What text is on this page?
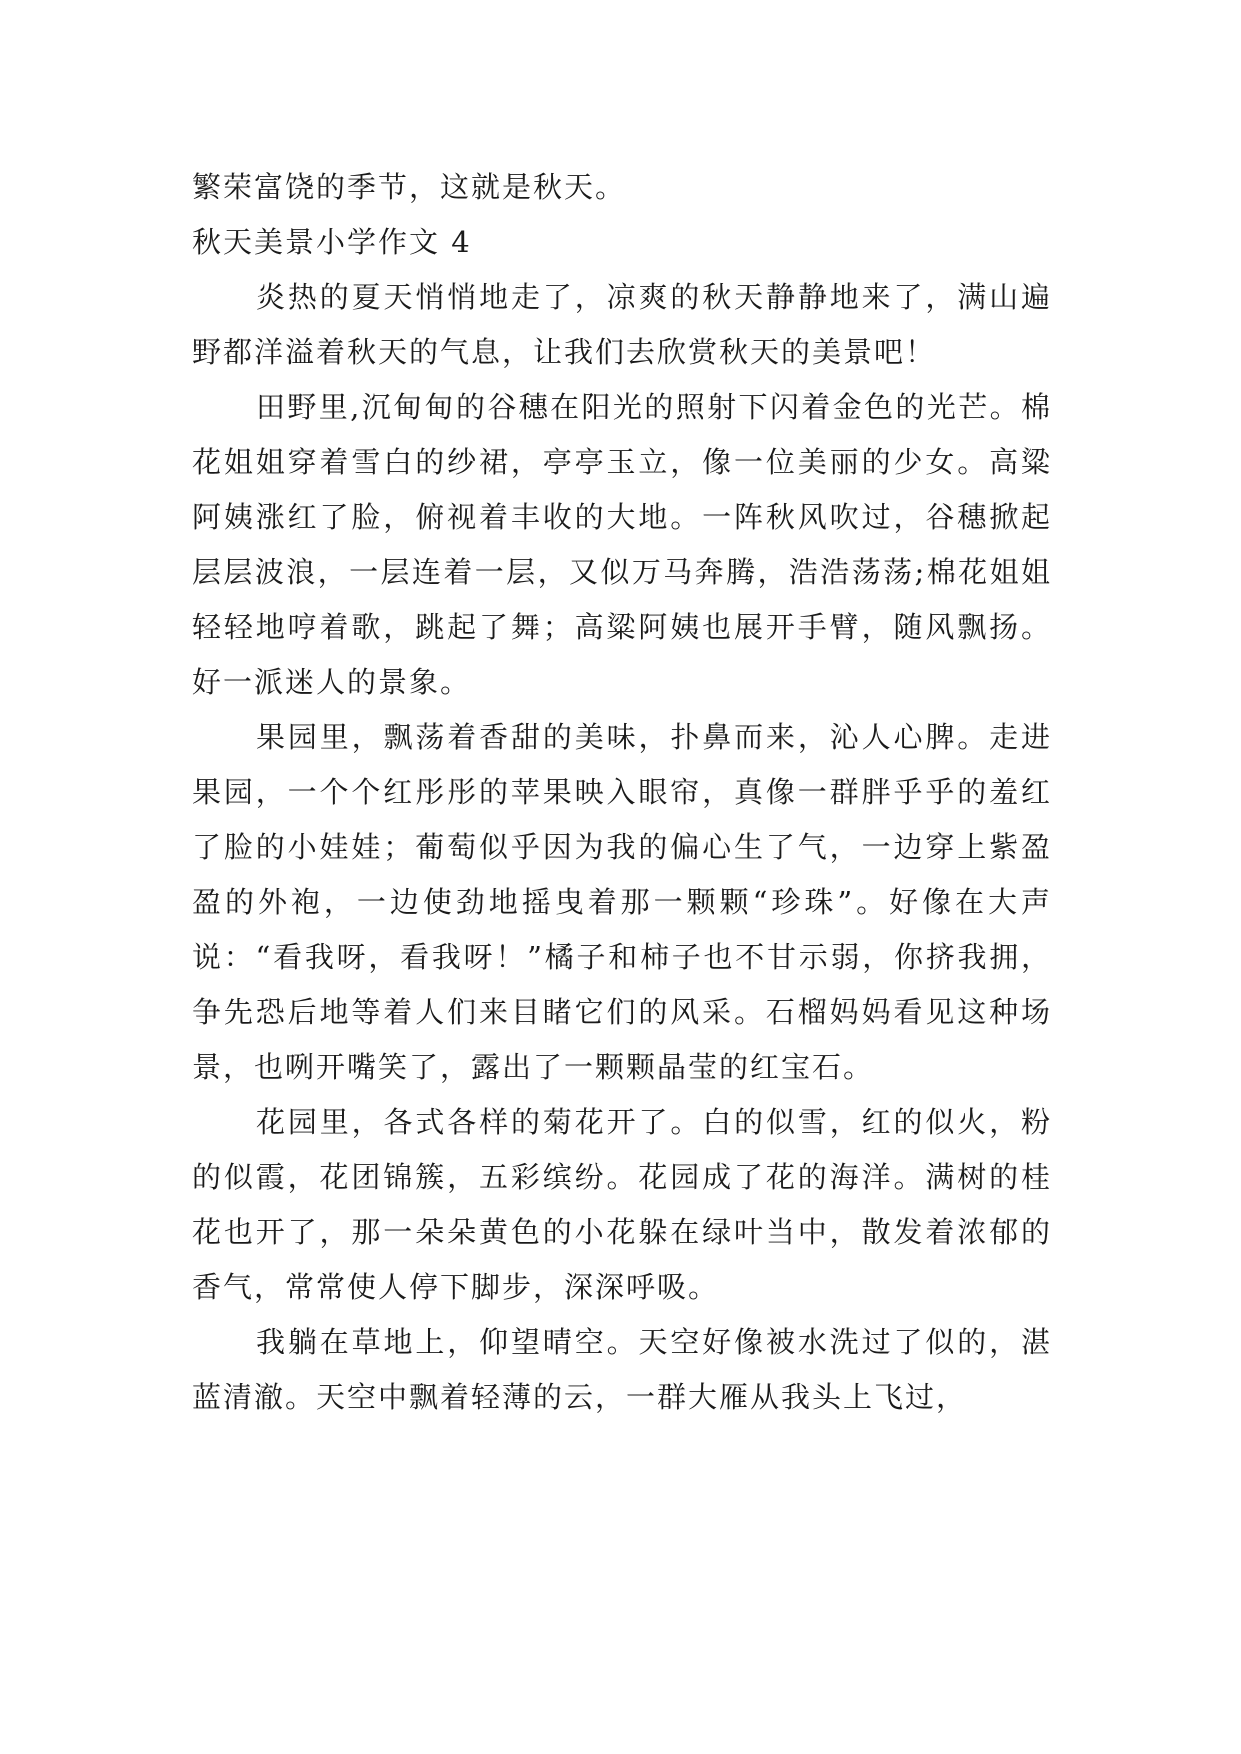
繁荣富饶的季节，这就是秋天。

秋天美景小学作文 4

炎热的夏天悄悄地走了，凉爽的秋天静静地来了，满山遍野都洋溢着秋天的气息，让我们去欣赏秋天的美景吧！

田野里,沉甸甸的谷穗在阳光的照射下闪着金色的光芒。棉花姐姐穿着雪白的纱裙，亭亭玉立，像一位美丽的少女。高粱阿姨涨红了脸，俯视着丰收的大地。一阵秋风吹过，谷穗掀起层层波浪，一层连着一层，又似万马奔腾，浩浩荡荡;棉花姐姐轻轻地哼着歌，跳起了舞；高粱阿姨也展开手臂，随风飘扬。好一派迷人的景象。

果园里，飘荡着香甜的美味，扑鼻而来，沁人心脾。走进果园，一个个红彤彤的苹果映入眼帘，真像一群胖乎乎的羞红了脸的小娃娃；葡萄似乎因为我的偏心生了气，一边穿上紫盈盈的外袍，一边使劲地摇曳着那一颗颗“珍珠”。好像在大声说：“看我呀，看我呀！”橘子和柿子也不甘示弱，你挤我拥，争先恐后地等着人们来目睹它们的风采。石榴妈妈看见这种场景，也咧开嘴笑了，露出了一颗颗晶莹的红宝石。

花园里，各式各样的菊花开了。白的似雪，红的似火，粉的似霞，花团锦簇，五彩缤纷。花园成了花的海洋。满树的桂花也开了，那一朵朵黄色的小花躲在绿叶当中，散发着浓郁的香气，常常使人停下脚步，深深呼吸。

我躺在草地上，仰望晴空。天空好像被水洗过了似的，湛蓝清澈。天空中飘着轻薄的云，一群大雁从我头上飞过，
